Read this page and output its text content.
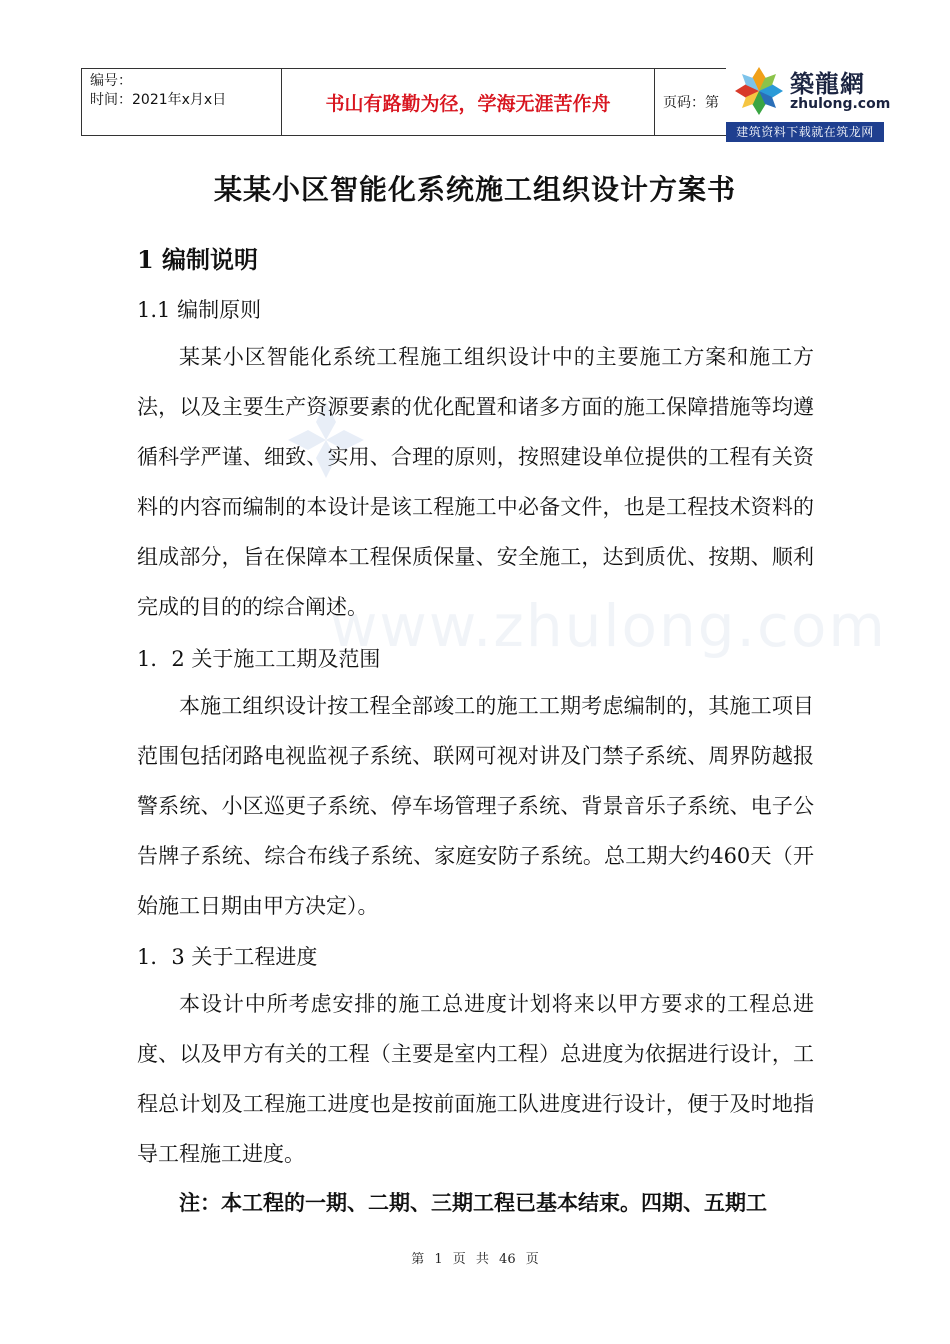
编号：
时间：2021年x月x日	书山有路勤为径，学海无涯苦作舟	页码：第
築龍網
zhulong.com
建筑资料下载就在筑龙网
www.zhulong.com
某某小区智能化系统施工组织设计方案书
1 编制说明
1.1 编制原则

某某小区智能化系统工程施工组织设计中的主要施工方案和施工方法，以及主要生产资源要素的优化配置和诸多方面的施工保障措施等均遵循科学严谨、细致、实用、合理的原则，按照建设单位提供的工程有关资料的内容而编制的本设计是该工程施工中必备文件，也是工程技术资料的组成部分，旨在保障本工程保质保量、安全施工，达到质优、按期、顺利完成的目的的综合阐述。

1．2 关于施工工期及范围

本施工组织设计按工程全部竣工的施工工期考虑编制的，其施工项目范围包括闭路电视监视子系统、联网可视对讲及门禁子系统、周界防越报警系统、小区巡更子系统、停车场管理子系统、背景音乐子系统、电子公告牌子系统、综合布线子系统、家庭安防子系统。总工期大约460天（开始施工日期由甲方决定）。

1．3 关于工程进度

本设计中所考虑安排的施工总进度计划将来以甲方要求的工程总进度、以及甲方有关的工程（主要是室内工程）总进度为依据进行设计，工程总计划及工程施工进度也是按前面施工队进度进行设计，便于及时地指导工程施工进度。

注：本工程的一期、二期、三期工程已基本结束。四期、五期工

第 1 页 共 46 页
